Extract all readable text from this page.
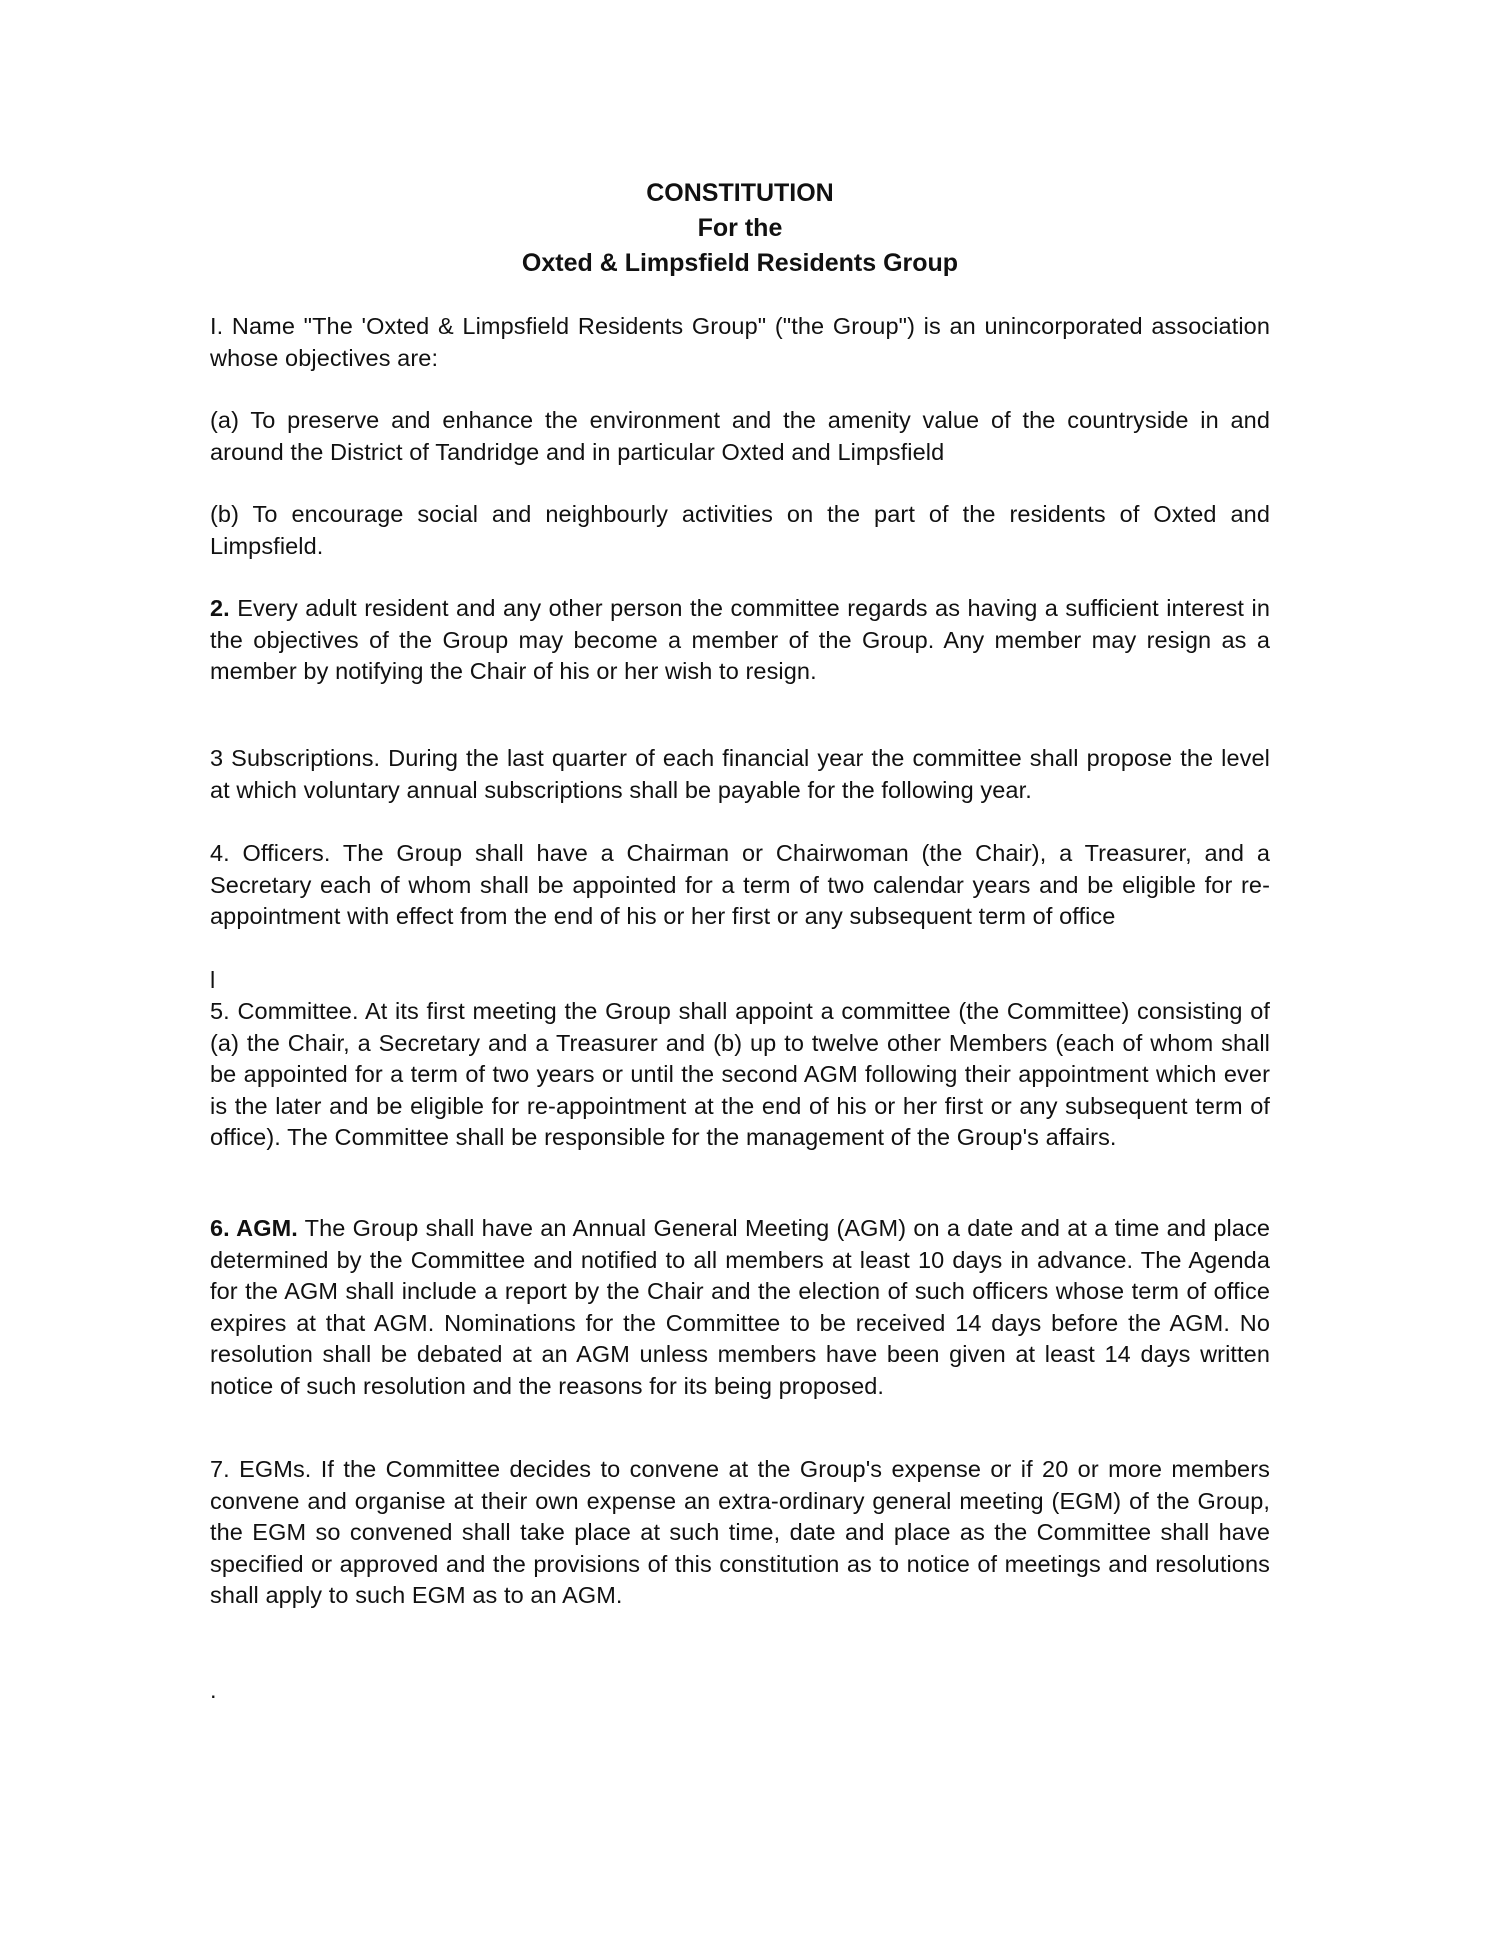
CONSTITUTION
For the
Oxted & Limpsfield Residents Group

I. Name "The 'Oxted & Limpsfield Residents Group" ("the Group") is an unincorporated association whose objectives are:

(a) To preserve and enhance the environment and the amenity value of the countryside in and around the District of Tandridge and in particular Oxted and Limpsfield

(b) To encourage social and neighbourly activities on the part of the residents of Oxted and Limpsfield.

2. Every adult resident and any other person the committee regards as having a sufficient interest in the objectives of the Group may become a member of the Group. Any member may resign as a member by notifying the Chair of his or her wish to resign.

3 Subscriptions. During the last quarter of each financial year the committee shall propose the level at which voluntary annual subscriptions shall be payable for the following year.

4. Officers. The Group shall have a Chairman or Chairwoman (the Chair), a Treasurer, and a Secretary each of whom shall be appointed for a term of two calendar years and be eligible for re-appointment with effect from the end of his or her first or any subsequent term of office

l

5. Committee. At its first meeting the Group shall appoint a committee (the Committee) consisting of (a) the Chair, a Secretary and a Treasurer and (b) up to twelve other Members (each of whom shall be appointed for a term of two years or until the second AGM following their appointment which ever is the later and be eligible for re-appointment at the end of his or her first or any subsequent term of office). The Committee shall be responsible for the management of the Group's affairs.

6. AGM. The Group shall have an Annual General Meeting (AGM) on a date and at a time and place determined by the Committee and notified to all members at least 10 days in advance. The Agenda for the AGM shall include a report by the Chair and the election of such officers whose term of office expires at that AGM. Nominations for the Committee to be received 14 days before the AGM. No resolution shall be debated at an AGM unless members have been given at least 14 days written notice of such resolution and the reasons for its being proposed.

7. EGMs. If the Committee decides to convene at the Group's expense or if 20 or more members convene and organise at their own expense an extra-ordinary general meeting (EGM) of the Group, the EGM so convened shall take place at such time, date and place as the Committee shall have specified or approved and the provisions of this constitution as to notice of meetings and resolutions shall apply to such EGM as to an AGM.

.
